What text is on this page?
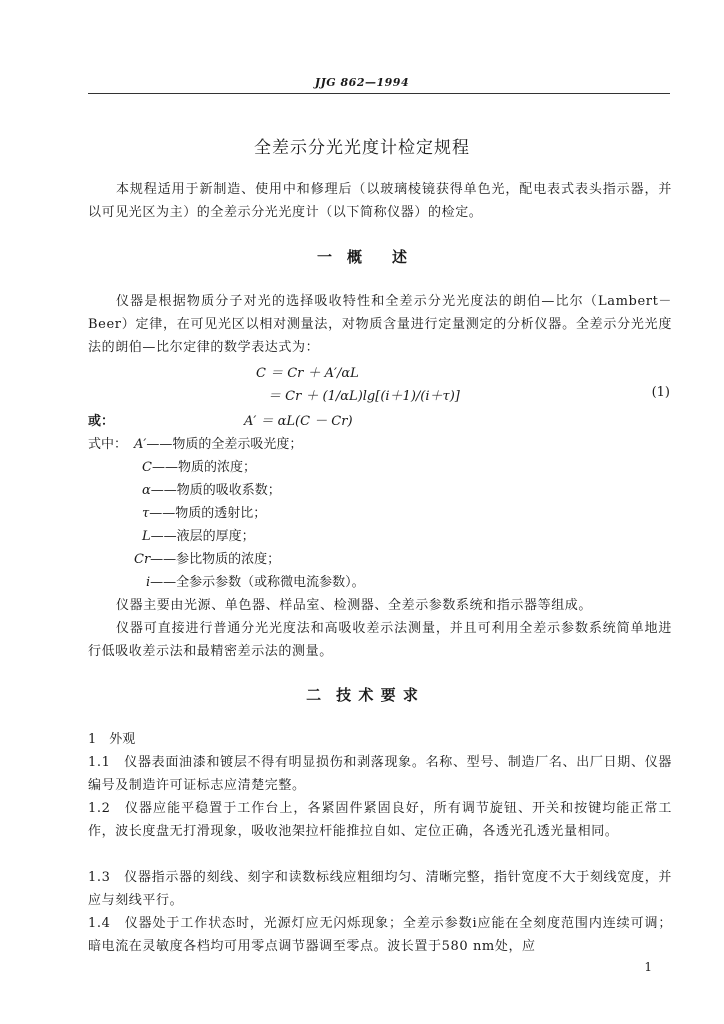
JJG 862—1994
全差示分光光度计检定规程
本规程适用于新制造、使用中和修理后（以玻璃棱镜获得单色光，配电表式表头指示器，并以可见光区为主）的全差示分光光度计（以下简称仪器）的检定。
一　概　　述
仪器是根据物质分子对光的选择吸收特性和全差示分光光度法的朗伯—比尔（Lambert－Beer）定律，在可见光区以相对测量法，对物质含量进行定量测定的分析仪器。全差示分光光度法的朗伯—比尔定律的数学表达式为：
C ＝ Cr ＋ A′/αL
＝ Cr ＋ (1/αL)lg[(i＋1)/(i＋τ)]	(1)
或：	A′ ＝ αL(C － Cr)
式中： A′——物质的全差示吸光度；
C——物质的浓度；
α——物质的吸收系数；
τ——物质的透射比；
L——液层的厚度；
Cr——参比物质的浓度；
i——全参示参数（或称微电流参数）。
仪器主要由光源、单色器、样品室、检测器、全差示参数系统和指示器等组成。
仪器可直接进行普通分光光度法和高吸收差示法测量，并且可利用全差示参数系统简单地进行低吸收差示法和最精密差示法的测量。
二　技 术 要 求
1　外观
1.1　仪器表面油漆和镀层不得有明显损伤和剥落现象。名称、型号、制造厂名、出厂日期、仪器编号及制造许可证标志应清楚完整。
1.2　仪器应能平稳置于工作台上，各紧固件紧固良好，所有调节旋钮、开关和按键均能正常工作，波长度盘无打滑现象，吸收池架拉杆能推拉自如、定位正确，各透光孔透光量相同。
1.3　仪器指示器的刻线、刻字和读数标线应粗细均匀、清晰完整，指针宽度不大于刻线宽度，并应与刻线平行。
1.4　仪器处于工作状态时，光源灯应无闪烁现象；全差示参数i应能在全刻度范围内连续可调；暗电流在灵敏度各档均可用零点调节器调至零点。波长置于580 nm处，应
1
